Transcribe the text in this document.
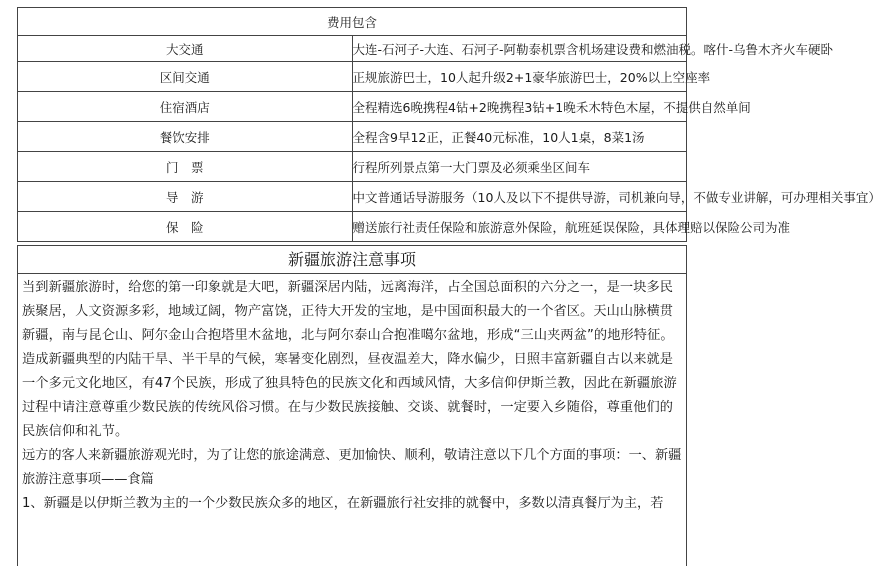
费用包含	
大交通	大连-石河子-大连、石河子-阿勒泰机票含机场建设费和燃油税。喀什-乌鲁木齐火车硬卧
区间交通	正规旅游巴士，10人起升级2+1豪华旅游巴士，20%以上空座率
住宿酒店	全程精选6晚携程4钻+2晚携程3钻+1晚禾木特色木屋，不提供自然单间
餐饮安排	全程含9早12正，正餐40元标准，10人1桌，8菜1汤
门　票	行程所列景点第一大门票及必须乘坐区间车
导　游	中文普通话导游服务（10人及以下不提供导游，司机兼向导，不做专业讲解，可办理相关事宜）
保　险	赠送旅行社责任保险和旅游意外保险，航班延误保险，具体理赔以保险公司为准
新疆旅游注意事项

当到新疆旅游时，给您的第一印象就是大吧，新疆深居内陆，远离海洋，占全国总面积的六分之一，是一块多民族聚居，人文资源多彩，地域辽阔，物产富饶，正待大开发的宝地，是中国面积最大的一个省区。天山山脉横贯新疆，南与昆仑山、阿尔金山合抱塔里木盆地，北与阿尔泰山合抱准噶尔盆地，形成“三山夹两盆”的地形特征。造成新疆典型的内陆干旱、半干旱的气候，寒暑变化剧烈，昼夜温差大，降水偏少，日照丰富新疆自古以来就是一个多元文化地区，有47个民族，形成了独具特色的民族文化和西域风情，大多信仰伊斯兰教，因此在新疆旅游过程中请注意尊重少数民族的传统风俗习惯。在与少数民族接触、交谈、就餐时，一定要入乡随俗，尊重他们的民族信仰和礼节。

远方的客人来新疆旅游观光时，为了让您的旅途满意、更加愉快、顺利，敬请注意以下几个方面的事项：一、新疆旅游注意事项——食篇

1、新疆是以伊斯兰教为主的一个少数民族众多的地区，在新疆旅行社安排的就餐中，多数以清真餐厅为主，若
